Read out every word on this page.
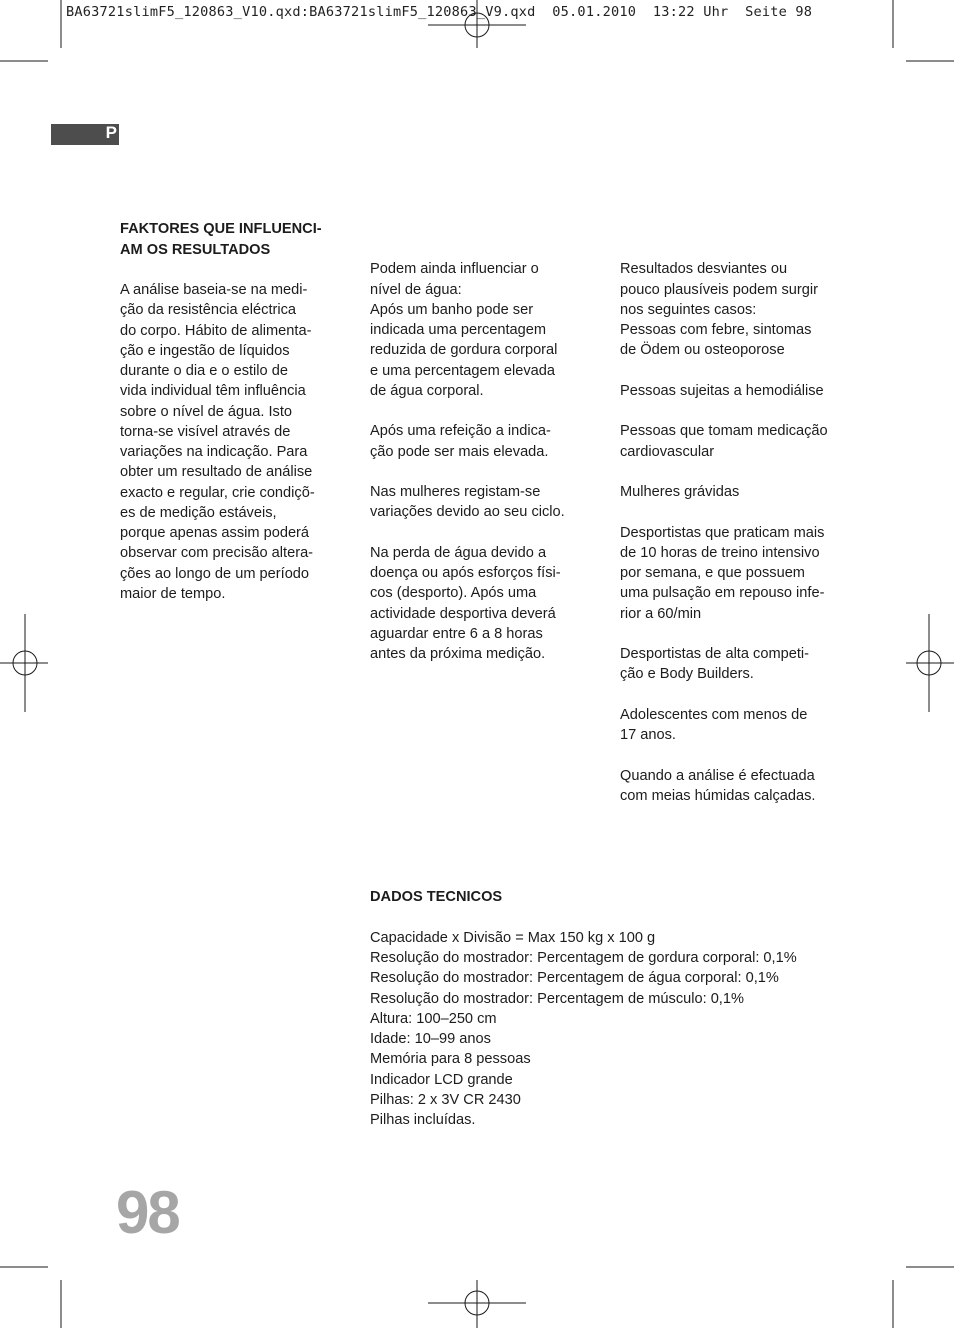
BA63721slimF5_120863_V10.qxd:BA63721slimF5_120863_V9.qxd  05.01.2010  13:22 Uhr  Seite 98
P

FAKTORES QUE INFLUENCI-
AM OS RESULTADOS

A análise baseia-se na medi-
ção da resistência eléctrica
do corpo. Hábito de alimenta-
ção e ingestão de líquidos
durante o dia e o estilo de
vida individual têm influência
sobre o nível de água. Isto
torna-se visível através de
variações na indicação. Para
obter um resultado de análise
exacto e regular, crie condiçõ-
es de medição estáveis,
porque apenas assim poderá
observar com precisão altera-
ções ao longo de um período
maior de tempo.

Podem ainda influenciar o
nível de água:
Após um banho pode ser
indicada uma percentagem
reduzida de gordura corporal
e uma percentagem elevada
de água corporal.

Após uma refeição a indica-
ção pode ser mais elevada.

Nas mulheres registam-se
variações devido ao seu ciclo.

Na perda de água devido a
doença ou após esforços físi-
cos (desporto). Após uma
actividade desportiva deverá
aguardar entre 6 a 8 horas
antes da próxima medição.

Resultados desviantes ou
pouco plausíveis podem surgir
nos seguintes casos:
Pessoas com febre, sintomas
de Ödem ou osteoporose

Pessoas sujeitas a hemodiálise

Pessoas que tomam medicação
cardiovascular

Mulheres grávidas

Desportistas que praticam mais
de 10 horas de treino intensivo
por semana, e que possuem
uma pulsação em repouso infe-
rior a 60/min

Desportistas de alta competi-
ção e Body Builders.

Adolescentes com menos de
17 anos.

Quando a análise é efectuada
com meias húmidas calçadas.

DADOS TECNICOS

Capacidade x Divisão = Max 150 kg x 100 g
Resolução do mostrador: Percentagem de gordura corporal: 0,1%
Resolução do mostrador: Percentagem de água corporal: 0,1%
Resolução do mostrador: Percentagem de músculo: 0,1%
Altura: 100–250 cm
Idade: 10–99 anos
Memória para 8 pessoas
Indicador LCD grande
Pilhas: 2 x 3V CR 2430
Pilhas incluídas.

98
